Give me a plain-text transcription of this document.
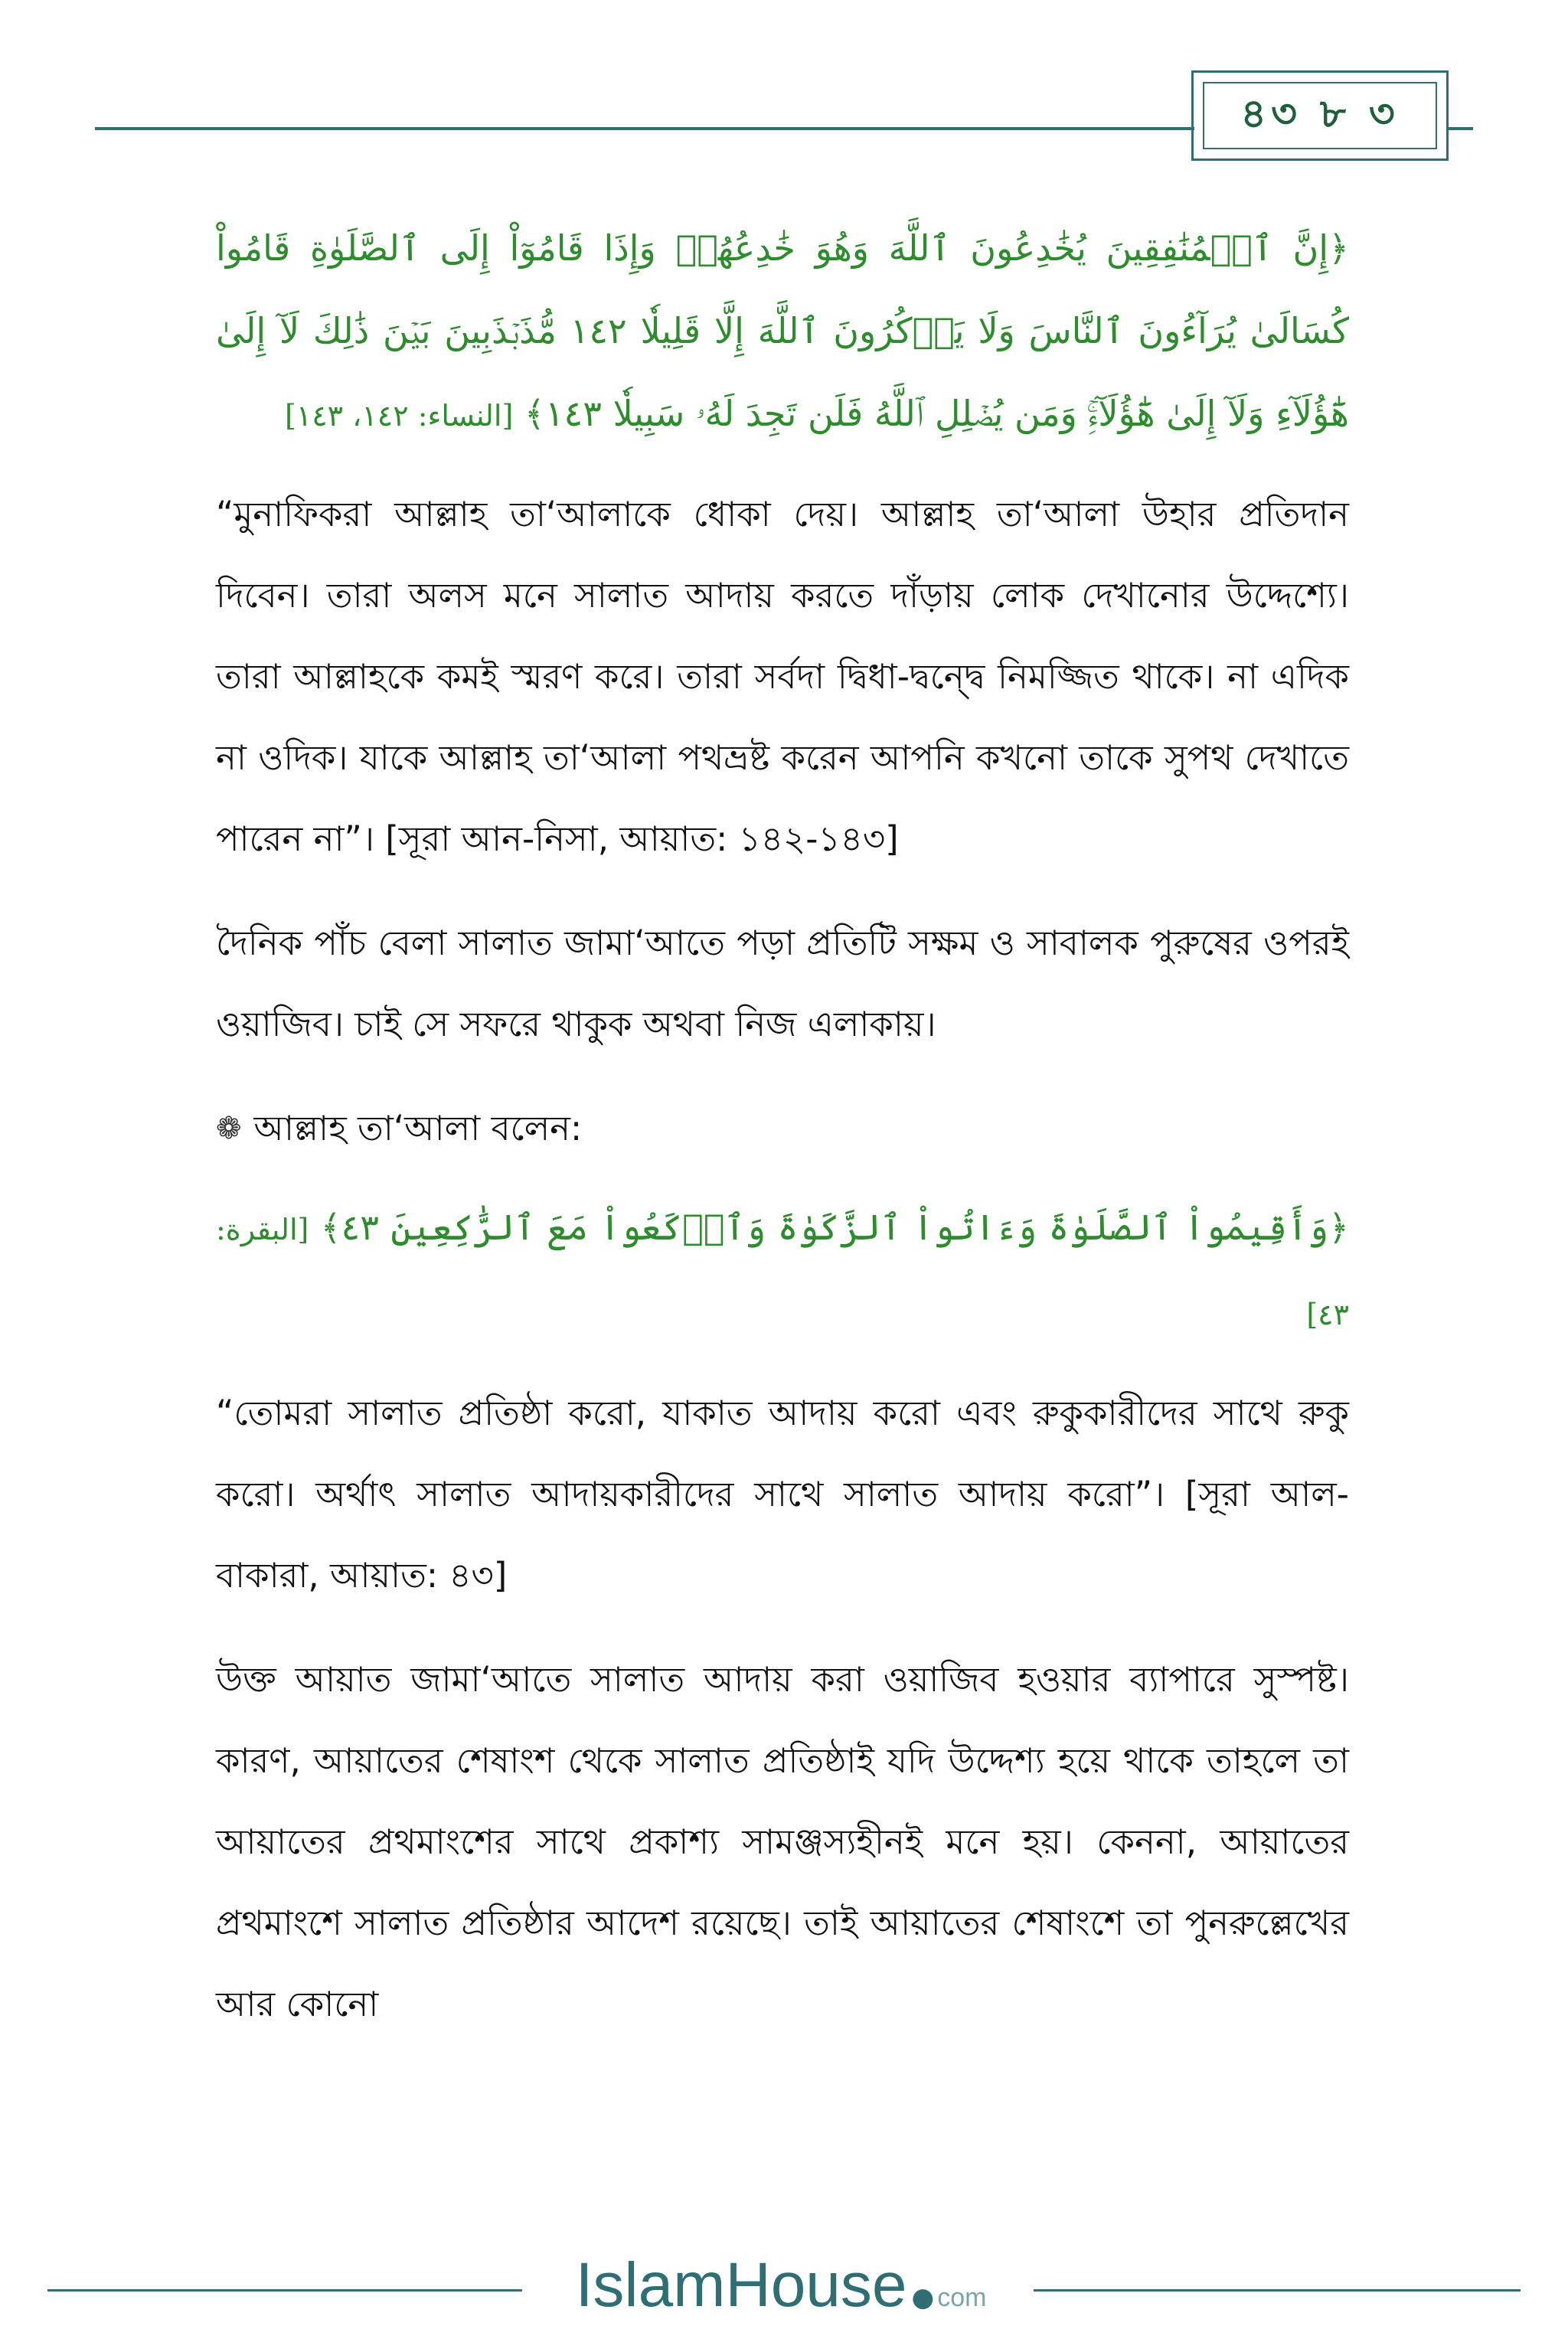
৪৩ ৮ ৩

﴿إِنَّ ٱلۡمُنَٰفِقِينَ يُخَٰدِعُونَ ٱللَّهَ وَهُوَ خَٰدِعُهُمۡ وَإِذَا قَامُوٓاْ إِلَى ٱلصَّلَوٰةِ قَامُواْ كُسَالَىٰ يُرَآءُونَ ٱلنَّاسَ وَلَا يَذۡكُرُونَ ٱللَّهَ إِلَّا قَلِيلٗا ١٤٢ مُّذَبۡذَبِينَ بَيۡنَ ذَٰلِكَ لَآ إِلَىٰ هَٰٓؤُلَآءِ وَلَآ إِلَىٰ هَٰٓؤُلَآءِۚ وَمَن يُضۡلِلِ ٱللَّهُ فَلَن تَجِدَ لَهُۥ سَبِيلٗا ١٤٣﴾ [النساء: ١٤٢، ١٤٣]

“মুনাফিকরা আল্লাহ তা‘আলাকে ধোকা দেয়। আল্লাহ তা‘আলা উহার প্রতিদান দিবেন। তারা অলস মনে সালাত আদায় করতে দাঁড়ায় লোক দেখানোর উদ্দেশ্যে। তারা আল্লাহকে কমই স্মরণ করে। তারা সর্বদা দ্বিধা-দ্বন্দ্বে নিমজ্জিত থাকে। না এদিক না ওদিক। যাকে আল্লাহ তা‘আলা পথভ্রষ্ট করেন আপনি কখনো তাকে সুপথ দেখাতে পারেন না”। [সূরা আন-নিসা, আয়াত: ১৪২-১৪৩]

দৈনিক পাঁচ বেলা সালাত জামা‘আতে পড়া প্রতিটি সক্ষম ও সাবালক পুরুষের ওপরই ওয়াজিব। চাই সে সফরে থাকুক অথবা নিজ এলাকায়।

❁ আল্লাহ তা‘আলা বলেন:

﴿وَأَقِيمُواْ ٱلصَّلَوٰةَ وَءَاتُواْ ٱلزَّكَوٰةَ وَٱرۡكَعُواْ مَعَ ٱلرَّٰكِعِينَ ٤٣﴾ [البقرة: ٤٣]

“তোমরা সালাত প্রতিষ্ঠা করো, যাকাত আদায় করো এবং রুকুকারীদের সাথে রুকু করো। অর্থাৎ সালাত আদায়কারীদের সাথে সালাত আদায় করো”। [সূরা আল-বাকারা, আয়াত: ৪৩]

উক্ত আয়াত জামা‘আতে সালাত আদায় করা ওয়াজিব হওয়ার ব্যাপারে সুস্পষ্ট। কারণ, আয়াতের শেষাংশ থেকে সালাত প্রতিষ্ঠাই যদি উদ্দেশ্য হয়ে থাকে তাহলে তা আয়াতের প্রথমাংশের সাথে প্রকাশ্য সামঞ্জস্যহীনই মনে হয়। কেননা, আয়াতের প্রথমাংশে সালাত প্রতিষ্ঠার আদেশ রয়েছে। তাই আয়াতের শেষাংশে তা পুনরুল্লেখের আর কোনো

IslamHouse ● com
